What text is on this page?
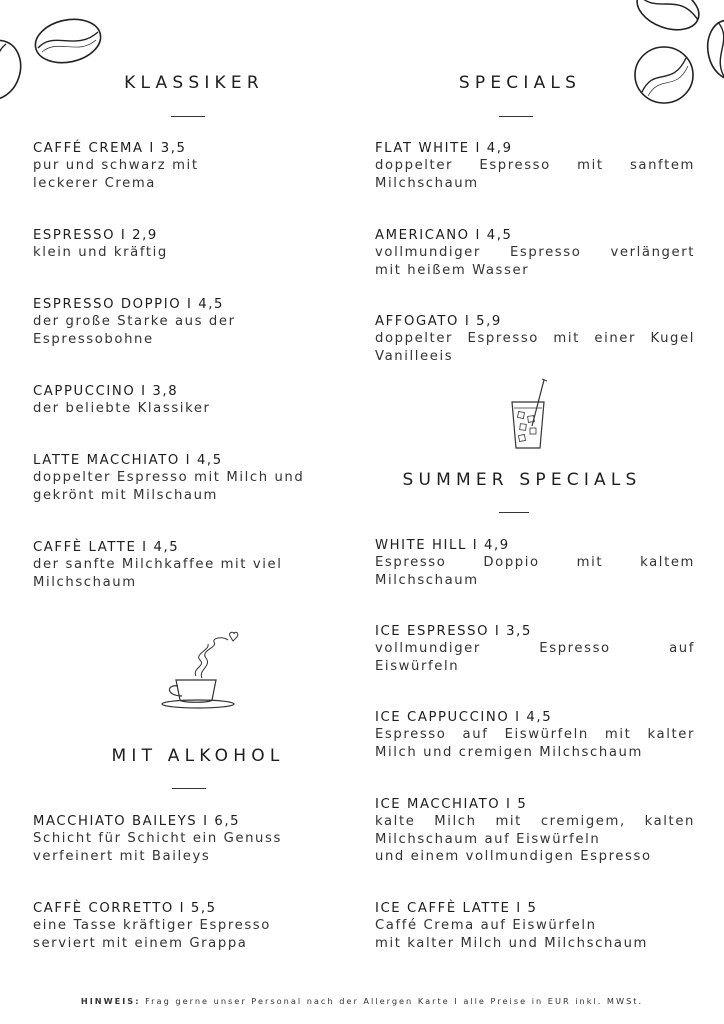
KLASSIKER
CAFFÉ CREMA I 3,5
pur und schwarz mit
leckerer Crema
ESPRESSO I 2,9
klein und kräftig
ESPRESSO DOPPIO I 4,5
der große Starke aus der
Espressobohne
CAPPUCCINO I 3,8
der beliebte Klassiker
LATTE MACCHIATO I 4,5
doppelter Espresso mit Milch und
gekrönt mit Milschaum
CAFFÈ LATTE I 4,5
der sanfte Milchkaffee mit viel
Milchschaum
MIT ALKOHOL
MACCHIATO BAILEYS I 6,5
Schicht für Schicht ein Genuss
verfeinert mit Baileys
CAFFÈ CORRETTO I 5,5
eine Tasse kräftiger Espresso
serviert mit einem Grappa
SPECIALS
FLAT WHITE I 4,9
doppelter Espresso mit sanftem
Milchschaum
AMERICANO I 4,5
vollmundiger Espresso verlängert
mit heißem Wasser
AFFOGATO I 5,9
doppelter Espresso mit einer Kugel
Vanilleeis
SUMMER SPECIALS
WHITE HILL I 4,9
Espresso Doppio mit kaltem
Milchschaum
ICE ESPRESSO I 3,5
vollmundiger Espresso auf
Eiswürfeln
ICE CAPPUCCINO I 4,5
Espresso auf Eiswürfeln mit kalter
Milch und cremigen Milchschaum
ICE MACCHIATO I 5
kalte Milch mit cremigem, kalten
Milchschaum auf Eiswürfeln
und einem vollmundigen Espresso
ICE CAFFÈ LATTE I 5
Caffé Crema auf Eiswürfeln
mit kalter Milch und Milchschaum
HINWEIS: Frag gerne unser Personal nach der Allergen Karte I alle Preise in EUR inkl. MWSt.
